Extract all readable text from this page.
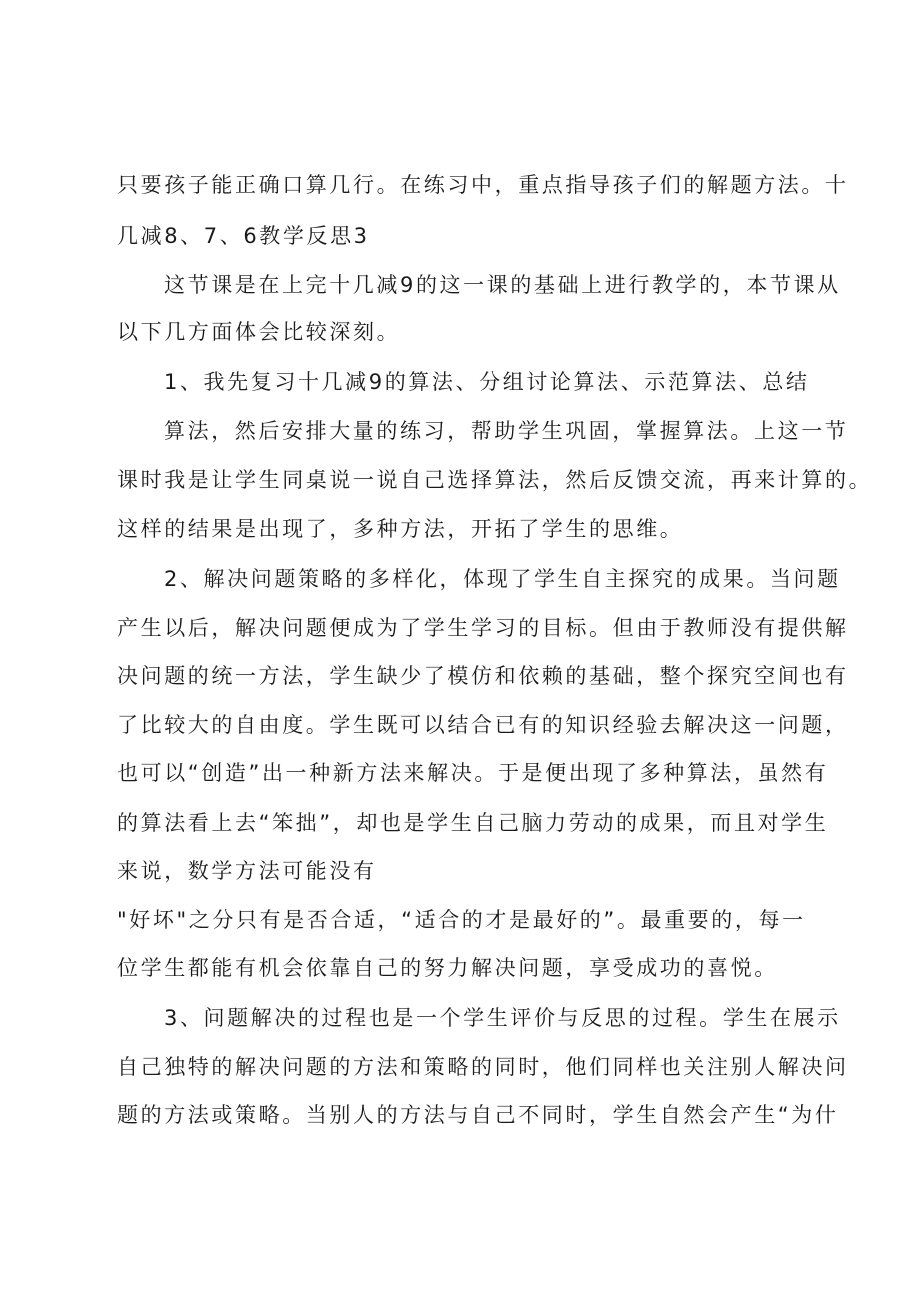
只要孩子能正确口算几行。在练习中，重点指导孩子们的解题方法。十
几减8、7、6教学反思3
这节课是在上完十几减9的这一课的基础上进行教学的，本节课从
以下几方面体会比较深刻。
1、我先复习十几减9的算法、分组讨论算法、示范算法、总结
算法，然后安排大量的练习，帮助学生巩固，掌握算法。上这一节
课时我是让学生同桌说一说自己选择算法，然后反馈交流，再来计算的。
这样的结果是出现了，多种方法，开拓了学生的思维。
2、解决问题策略的多样化，体现了学生自主探究的成果。当问题
产生以后，解决问题便成为了学生学习的目标。但由于教师没有提供解
决问题的统一方法，学生缺少了模仿和依赖的基础，整个探究空间也有
了比较大的自由度。学生既可以结合已有的知识经验去解决这一问题，
也可以“创造”出一种新方法来解决。于是便出现了多种算法，虽然有
的算法看上去“笨拙”，却也是学生自己脑力劳动的成果，而且对学生
来说，数学方法可能没有
"好坏"之分只有是否合适，“适合的才是最好的”。最重要的，每一
位学生都能有机会依靠自己的努力解决问题，享受成功的喜悦。
3、问题解决的过程也是一个学生评价与反思的过程。学生在展示
自己独特的解决问题的方法和策略的同时，他们同样也关注别人解决问
题的方法或策略。当别人的方法与自己不同时，学生自然会产生“为什
